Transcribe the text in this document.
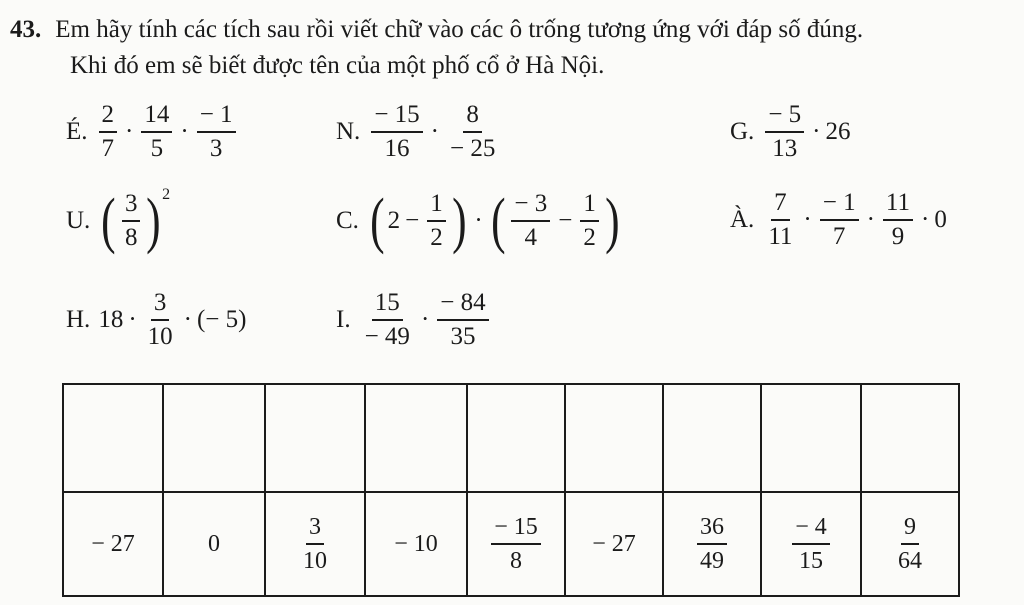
43. Em hãy tính các tích sau rồi viết chữ vào các ô trống tương ứng với đáp số đúng.
Khi đó em sẽ biết được tên của một phố cổ ở Hà Nội.
É. $\frac{2}{7} \cdot \frac{14}{5} \cdot \frac{- 1}{3}$	N. $\frac{- 15}{16} \cdot \frac{8}{- 25}$	G. $\frac{- 5}{13} \cdot 26$
U. ( $\frac{3}{8}$ ) 2
C. ( $2 - \frac{1}{2}$ ) · ( $\frac{- 3}{4} - \frac{1}{2}$ )	À. $\frac{7}{11} \cdot \frac{- 1}{7} \cdot \frac{11}{9} \cdot 0$
H. $18 \cdot \frac{3}{10}$ · (− 5)	I. $\frac{15}{- 49} \cdot \frac{- 84}{35}$

− 27	0	$\frac{3}{10}$	− 10	$\frac{- 15}{8}$	− 27	$\frac{36}{49}$	$\frac{- 4}{15}$	$\frac{9}{64}$
